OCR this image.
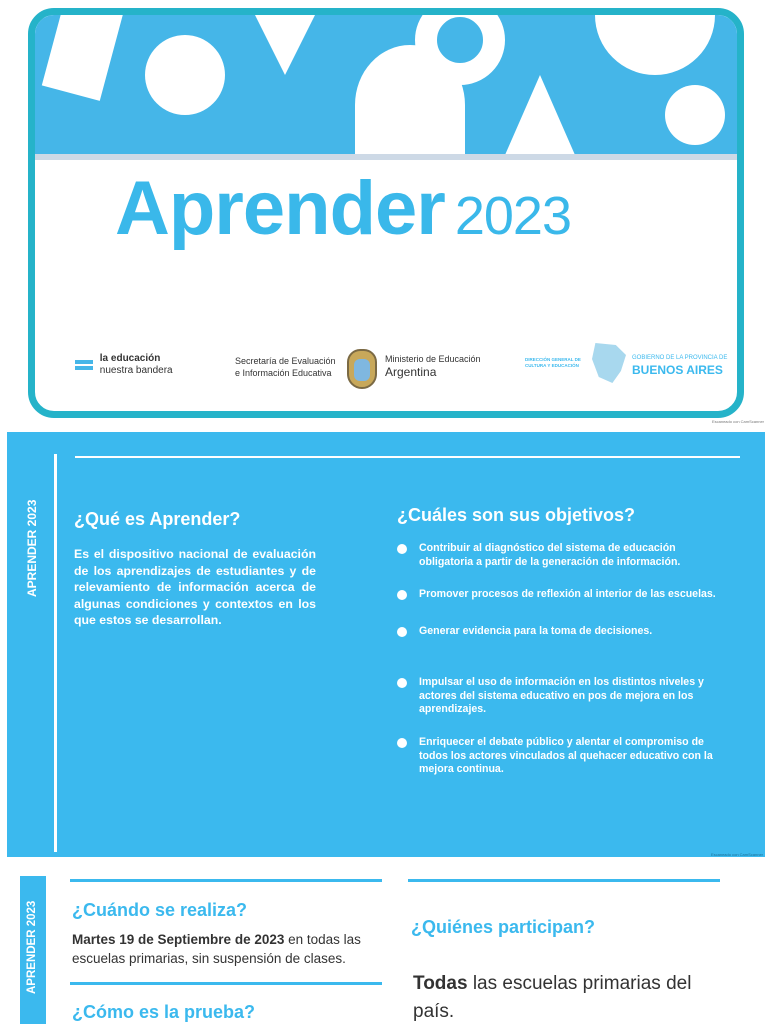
Aprender 2023
la educación
nuestra bandera
Secretaría de Evaluación
e Información Educativa
Ministerio de Educación
Argentina
DIRECCIÓN GENERAL DE
CULTURA Y EDUCACIÓN
GOBIERNO DE LA PROVINCIA DE
BUENOS AIRES
Escaneado con CamScanner
APRENDER 2023 ¿Qué es Aprender?

Es el dispositivo nacional de evaluación de los aprendizajes de estudiantes y de relevamiento de información acerca de algunas condiciones y contextos en los que estos se desarrollan.

¿Cuáles son sus objetivos?
Contribuir al diagnóstico del sistema de educación obligatoria a partir de la generación de información.
Promover procesos de reflexión al interior de las escuelas.
Generar evidencia para la toma de decisiones.
Impulsar el uso de información en los distintos niveles y actores del sistema educativo en pos de mejora en los aprendizajes.
Enriquecer el debate público y alentar el compromiso de todos los actores vinculados al quehacer educativo con la mejora continua.
Escaneado con CamScanner
APRENDER 2023 ¿Cuándo se realiza?

Martes 19 de Septiembre de 2023 en todas las escuelas primarias, sin suspensión de clases.

¿Cómo es la prueba?
¿Quiénes participan?

Todas las escuelas primarias del país.
